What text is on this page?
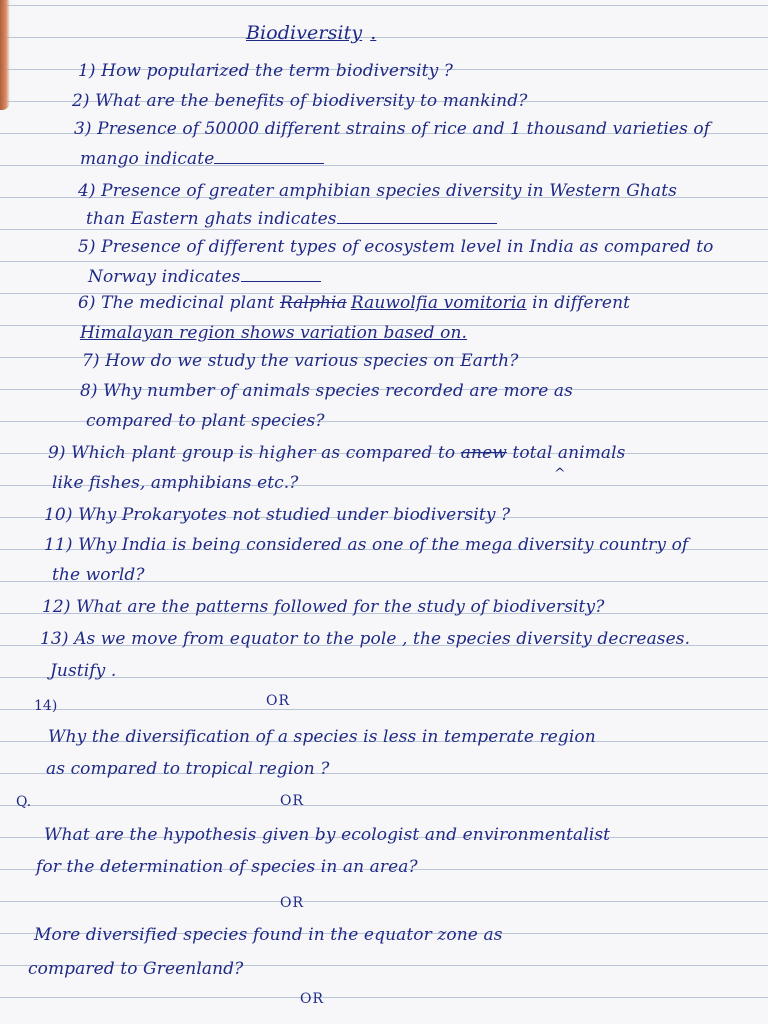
Biodiversity .
1) How popularized the term biodiversity ?
2) What are the benefits of biodiversity to mankind?
3) Presence of 50000 different strains of rice and 1 thousand varieties of
mango indicate
4) Presence of greater amphibian species diversity in Western Ghats
than Eastern ghats indicates
5) Presence of different types of ecosystem level in India as compared to
Norway indicates
6) The medicinal plant Ralphia Rauwolfia vomitoria in different
Himalayan region shows variation based on.
7) How do we study the various species on Earth?
8) Why number of animals species recorded are more as
compared to plant species?
9) Which plant group is higher as compared to anew total animals
^
like fishes, amphibians etc.?
10) Why Prokaryotes not studied under biodiversity ?
11) Why India is being considered as one of the mega diversity country of
the world?
12) What are the patterns followed for the study of biodiversity?
13) As we move from equator to the pole , the species diversity decreases.
Justify .
OR
14)
Why the diversification of a species is less in temperate region
as compared to tropical region ?
Q.	OR
What are the hypothesis given by ecologist and environmentalist
for the determination of species in an area?
OR
More diversified species found in the equator zone as
compared to Greenland?
OR
